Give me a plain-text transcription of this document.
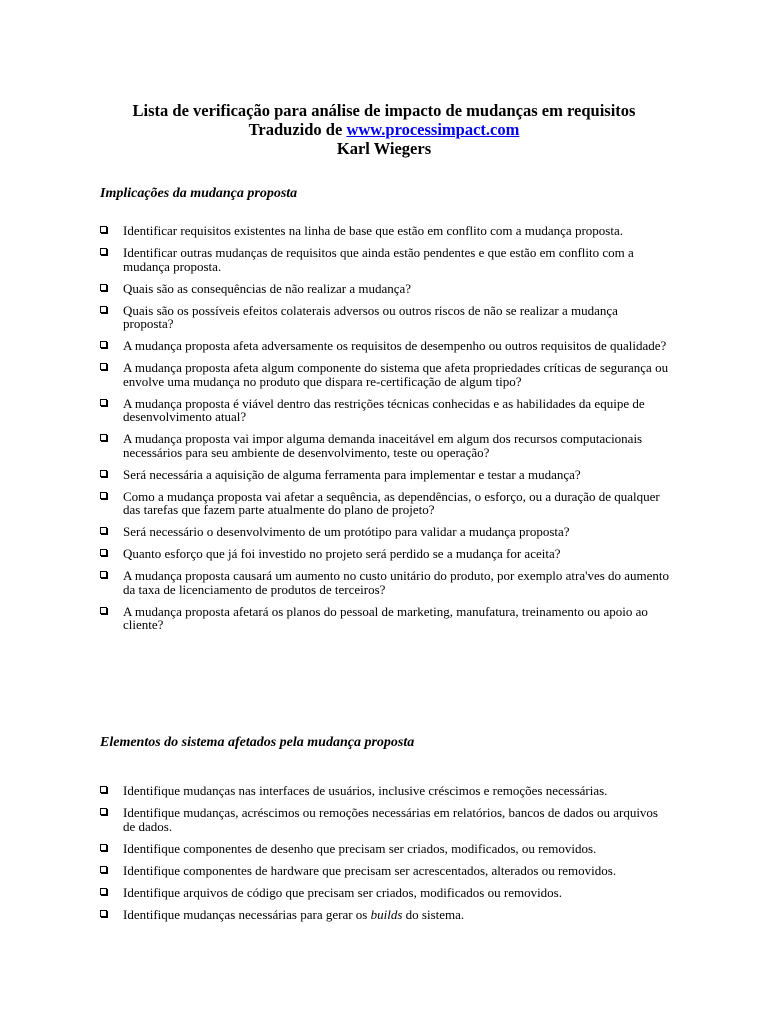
Lista de verificação para análise de impacto de mudanças em requisitos
Traduzido de www.processimpact.com
Karl Wiegers
Implicações da mudança proposta
Identificar requisitos existentes na linha de base que estão em conflito com a mudança proposta.
Identificar outras mudanças de requisitos que ainda estão pendentes e que estão em conflito com a mudança proposta.
Quais são as consequências de não realizar a mudança?
Quais são os possíveis efeitos colaterais adversos ou outros riscos de não se realizar a mudança proposta?
A mudança proposta afeta adversamente os requisitos de desempenho ou outros requisitos de qualidade?
A mudança proposta afeta algum componente do sistema que afeta propriedades críticas de segurança ou envolve uma mudança no produto que dispara re-certificação de algum tipo?
A mudança proposta é viável dentro das restrições técnicas conhecidas e as habilidades da equipe de desenvolvimento atual?
A mudança proposta vai impor alguma demanda inaceitável em algum dos recursos computacionais necessários para seu ambiente de desenvolvimento, teste ou operação?
Será necessária a aquisição de alguma ferramenta para implementar e testar a mudança?
Como a mudança proposta vai afetar a sequência, as dependências, o esforço, ou a duração de qualquer das tarefas que fazem parte atualmente do plano de projeto?
Será necessário o desenvolvimento de um protótipo para validar a mudança proposta?
Quanto esforço que já foi investido no projeto será perdido se a mudança for aceita?
A mudança proposta causará um aumento no custo unitário do produto, por exemplo atra'ves do aumento da taxa de licenciamento de produtos de terceiros?
A mudança proposta afetará os planos do pessoal de marketing, manufatura, treinamento ou apoio ao cliente?
Elementos do sistema afetados pela mudança proposta
Identifique mudanças nas interfaces de usuários, inclusive créscimos e remoções necessárias.
Identifique mudanças, acréscimos ou remoções necessárias em relatórios, bancos de dados ou arquivos de dados.
Identifique componentes de desenho que precisam ser criados, modificados, ou removidos.
Identifique componentes de hardware que precisam ser acrescentados, alterados ou removidos.
Identifique arquivos de código que precisam ser criados, modificados ou removidos.
Identifique mudanças necessárias para gerar os builds do sistema.
